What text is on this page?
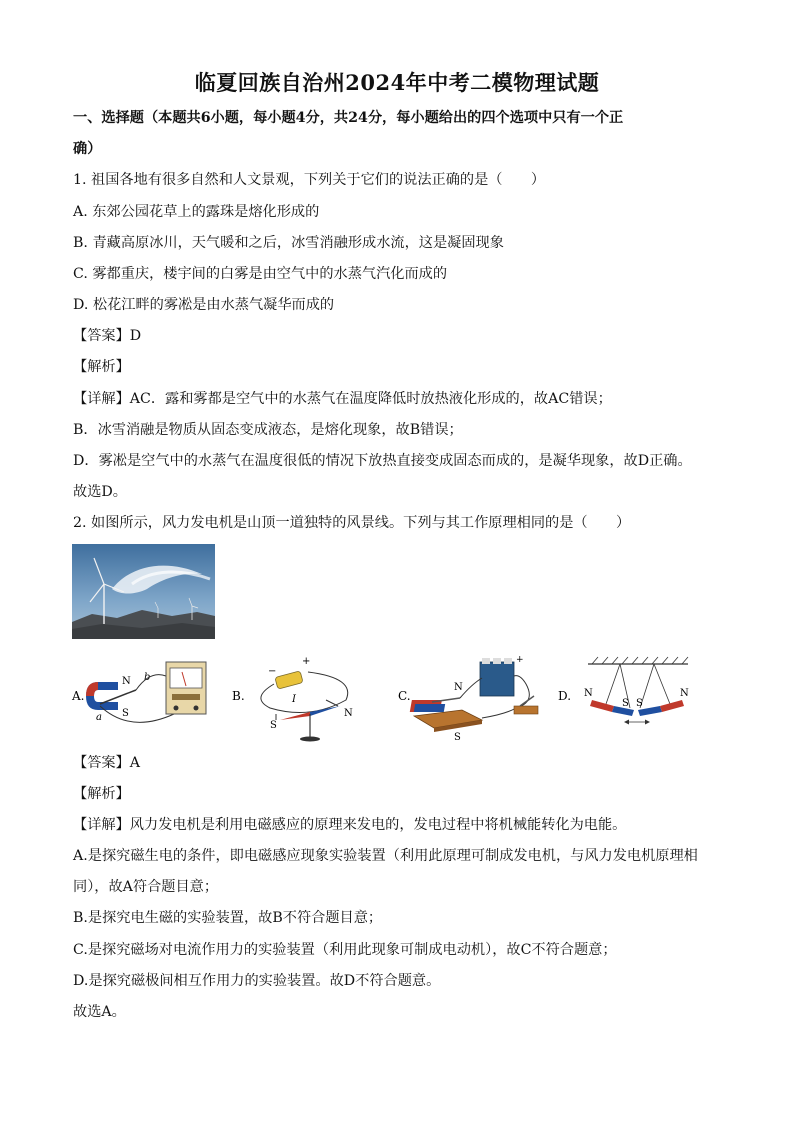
临夏回族自治州2024年中考二模物理试题
一、选择题（本题共6小题，每小题4分，共24分，每小题给出的四个选项中只有一个正
确）
1. 祖国各地有很多自然和人文景观，下列关于它们的说法正确的是（　　）
A. 东郊公园花草上的露珠是熔化形成的
B. 青藏高原冰川，天气暖和之后，冰雪消融形成水流，这是凝固现象
C. 雾都重庆，楼宇间的白雾是由空气中的水蒸气汽化而成的
D. 松花江畔的雾凇是由水蒸气凝华而成的
【答案】D
【解析】
【详解】AC．露和雾都是空气中的水蒸气在温度降低时放热液化形成的，故AC错误；
B．冰雪消融是物质从固态变成液态，是熔化现象，故B错误；
D．雾凇是空气中的水蒸气在温度很低的情况下放热直接变成固态而成的，是凝华现象，故D正确。
故选D。
2. 如图所示，风力发电机是山顶一道独特的风景线。下列与其工作原理相同的是（　　）
A.
N
S
a
b
B.
−
+
I
S
N
C.
N
S
+
D. N
S S
N
【答案】A
【解析】
【详解】风力发电机是利用电磁感应的原理来发电的，发电过程中将机械能转化为电能。
A.是探究磁生电的条件，即电磁感应现象实验装置（利用此原理可制成发电机，与风力发电机原理相
同），故A符合题目意；
B.是探究电生磁的实验装置，故B不符合题目意；
C.是探究磁场对电流作用力的实验装置（利用此现象可制成电动机），故C不符合题意；
D.是探究磁极间相互作用力的实验装置。故D不符合题意。
故选A。
